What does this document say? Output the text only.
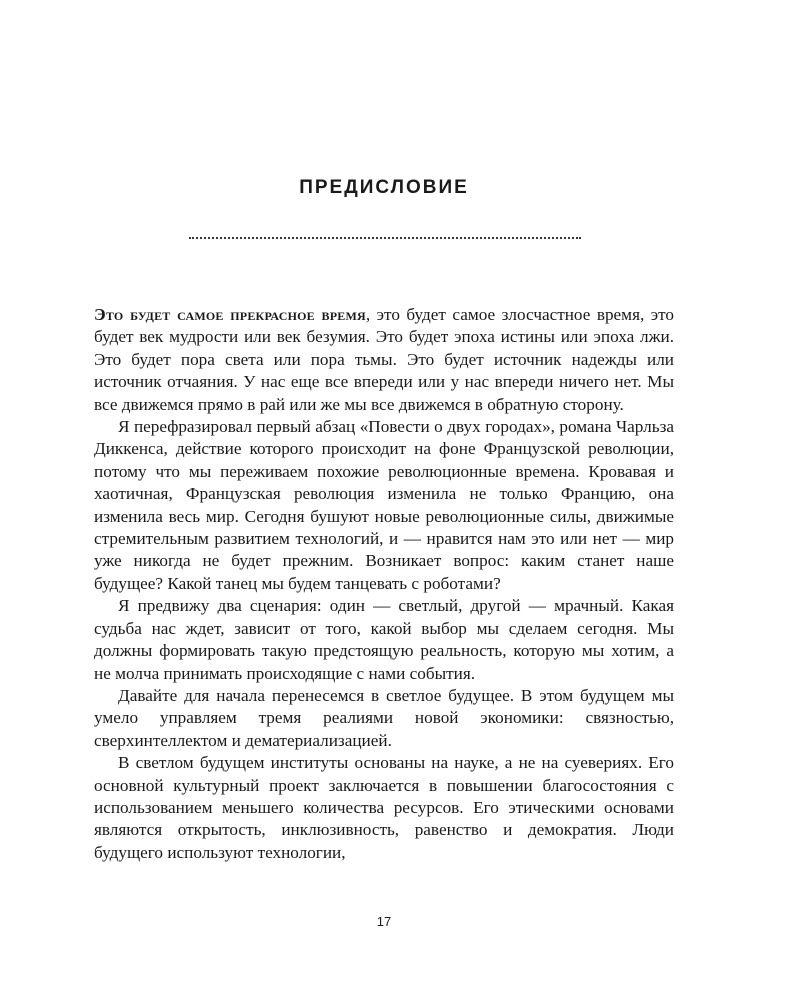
ПРЕДИСЛОВИЕ

Это будет самое прекрасное время, это будет самое злосчастное время, это будет век мудрости или век безумия. Это будет эпоха истины или эпоха лжи. Это будет пора света или пора тьмы. Это будет источник надежды или источник отчаяния. У нас еще все впереди или у нас впереди ничего нет. Мы все движемся прямо в рай или же мы все движемся в обратную сторону.

Я перефразировал первый абзац «Повести о двух городах», романа Чарльза Диккенса, действие которого происходит на фоне Французской революции, потому что мы переживаем похожие революционные времена. Кровавая и хаотичная, Французская революция изменила не только Францию, она изменила весь мир. Сегодня бушуют новые революционные силы, движимые стремительным развитием технологий, и — нравится нам это или нет — мир уже никогда не будет прежним. Возникает вопрос: каким станет наше будущее? Какой танец мы будем танцевать с роботами?

Я предвижу два сценария: один — светлый, другой — мрачный. Какая судьба нас ждет, зависит от того, какой выбор мы сделаем сегодня. Мы должны формировать такую предстоящую реальность, которую мы хотим, а не молча принимать происходящие с нами события.

Давайте для начала перенесемся в светлое будущее. В этом будущем мы умело управляем тремя реалиями новой экономики: связностью, сверхинтеллектом и дематериализацией.

В светлом будущем институты основаны на науке, а не на суевериях. Его основной культурный проект заключается в повышении благосостояния с использованием меньшего количества ресурсов. Его этическими основами являются открытость, инклюзивность, равенство и демократия. Люди будущего используют технологии,

17
